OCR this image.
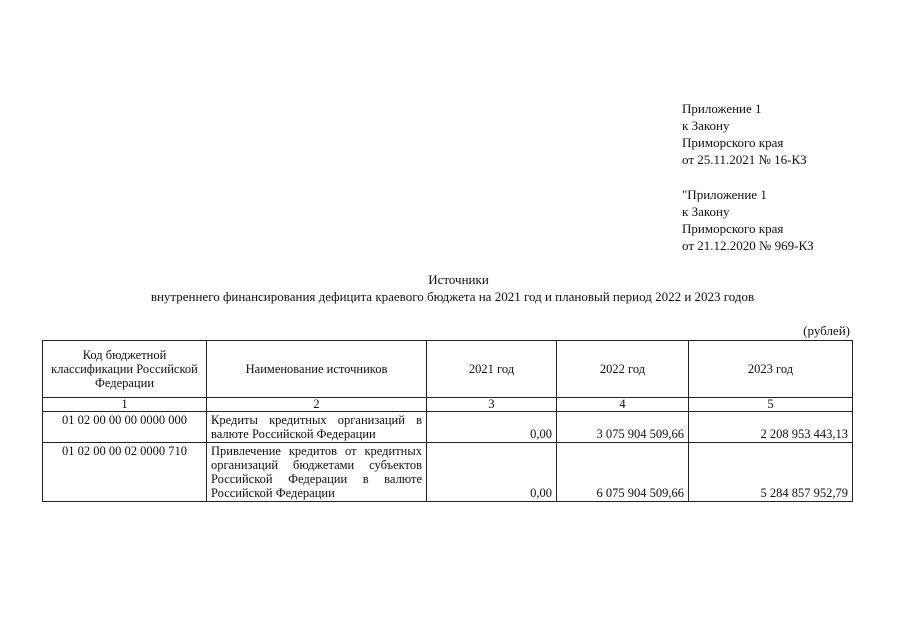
Приложение 1
к Закону
Приморского края
от 25.11.2021 № 16-КЗ
"Приложение 1
к Закону
Приморского края
от 21.12.2020 № 969-КЗ
Источники
внутреннего финансирования дефицита краевого бюджета на 2021 год и плановый период 2022 и 2023 годов
(рублей)
Код бюджетной классификации Российской Федерации	Наименование источников	2021 год	2022 год	2023 год
1	2	3	4	5
01 02 00 00 00 0000 000	Кредиты кредитных организаций в валюте Российской Федерации	0,00	3 075 904 509,66	2 208 953 443,13
01 02 00 00 02 0000 710	Привлечение кредитов от кредитных организаций бюджетами субъектов Российской Федерации в валюте Российской Федерации	0,00	6 075 904 509,66	5 284 857 952,79
